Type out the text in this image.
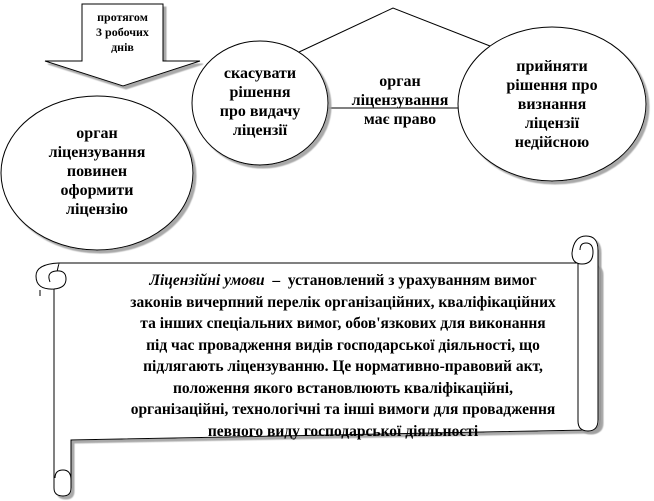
протягом
3 робочих
днів
орган
ліцензування
повинен
оформити
ліцензію
скасувати
рішення
про видачу
ліцензії
орган
ліцензування
має право
прийняти
рішення про
визнання
ліцензії
недійсною
Ліцензійні умови  –  установлений з урахуванням вимог
законів вичерпний перелік організаційних, кваліфікаційних
та інших спеціальних вимог, обов'язкових для виконання
під час провадження видів господарської діяльності, що
підлягають ліцензуванню. Це нормативно-правовий акт,
положення якого встановлюють кваліфікаційні,
організаційні, технологічні та інші вимоги для провадження
певного виду господарської діяльності
